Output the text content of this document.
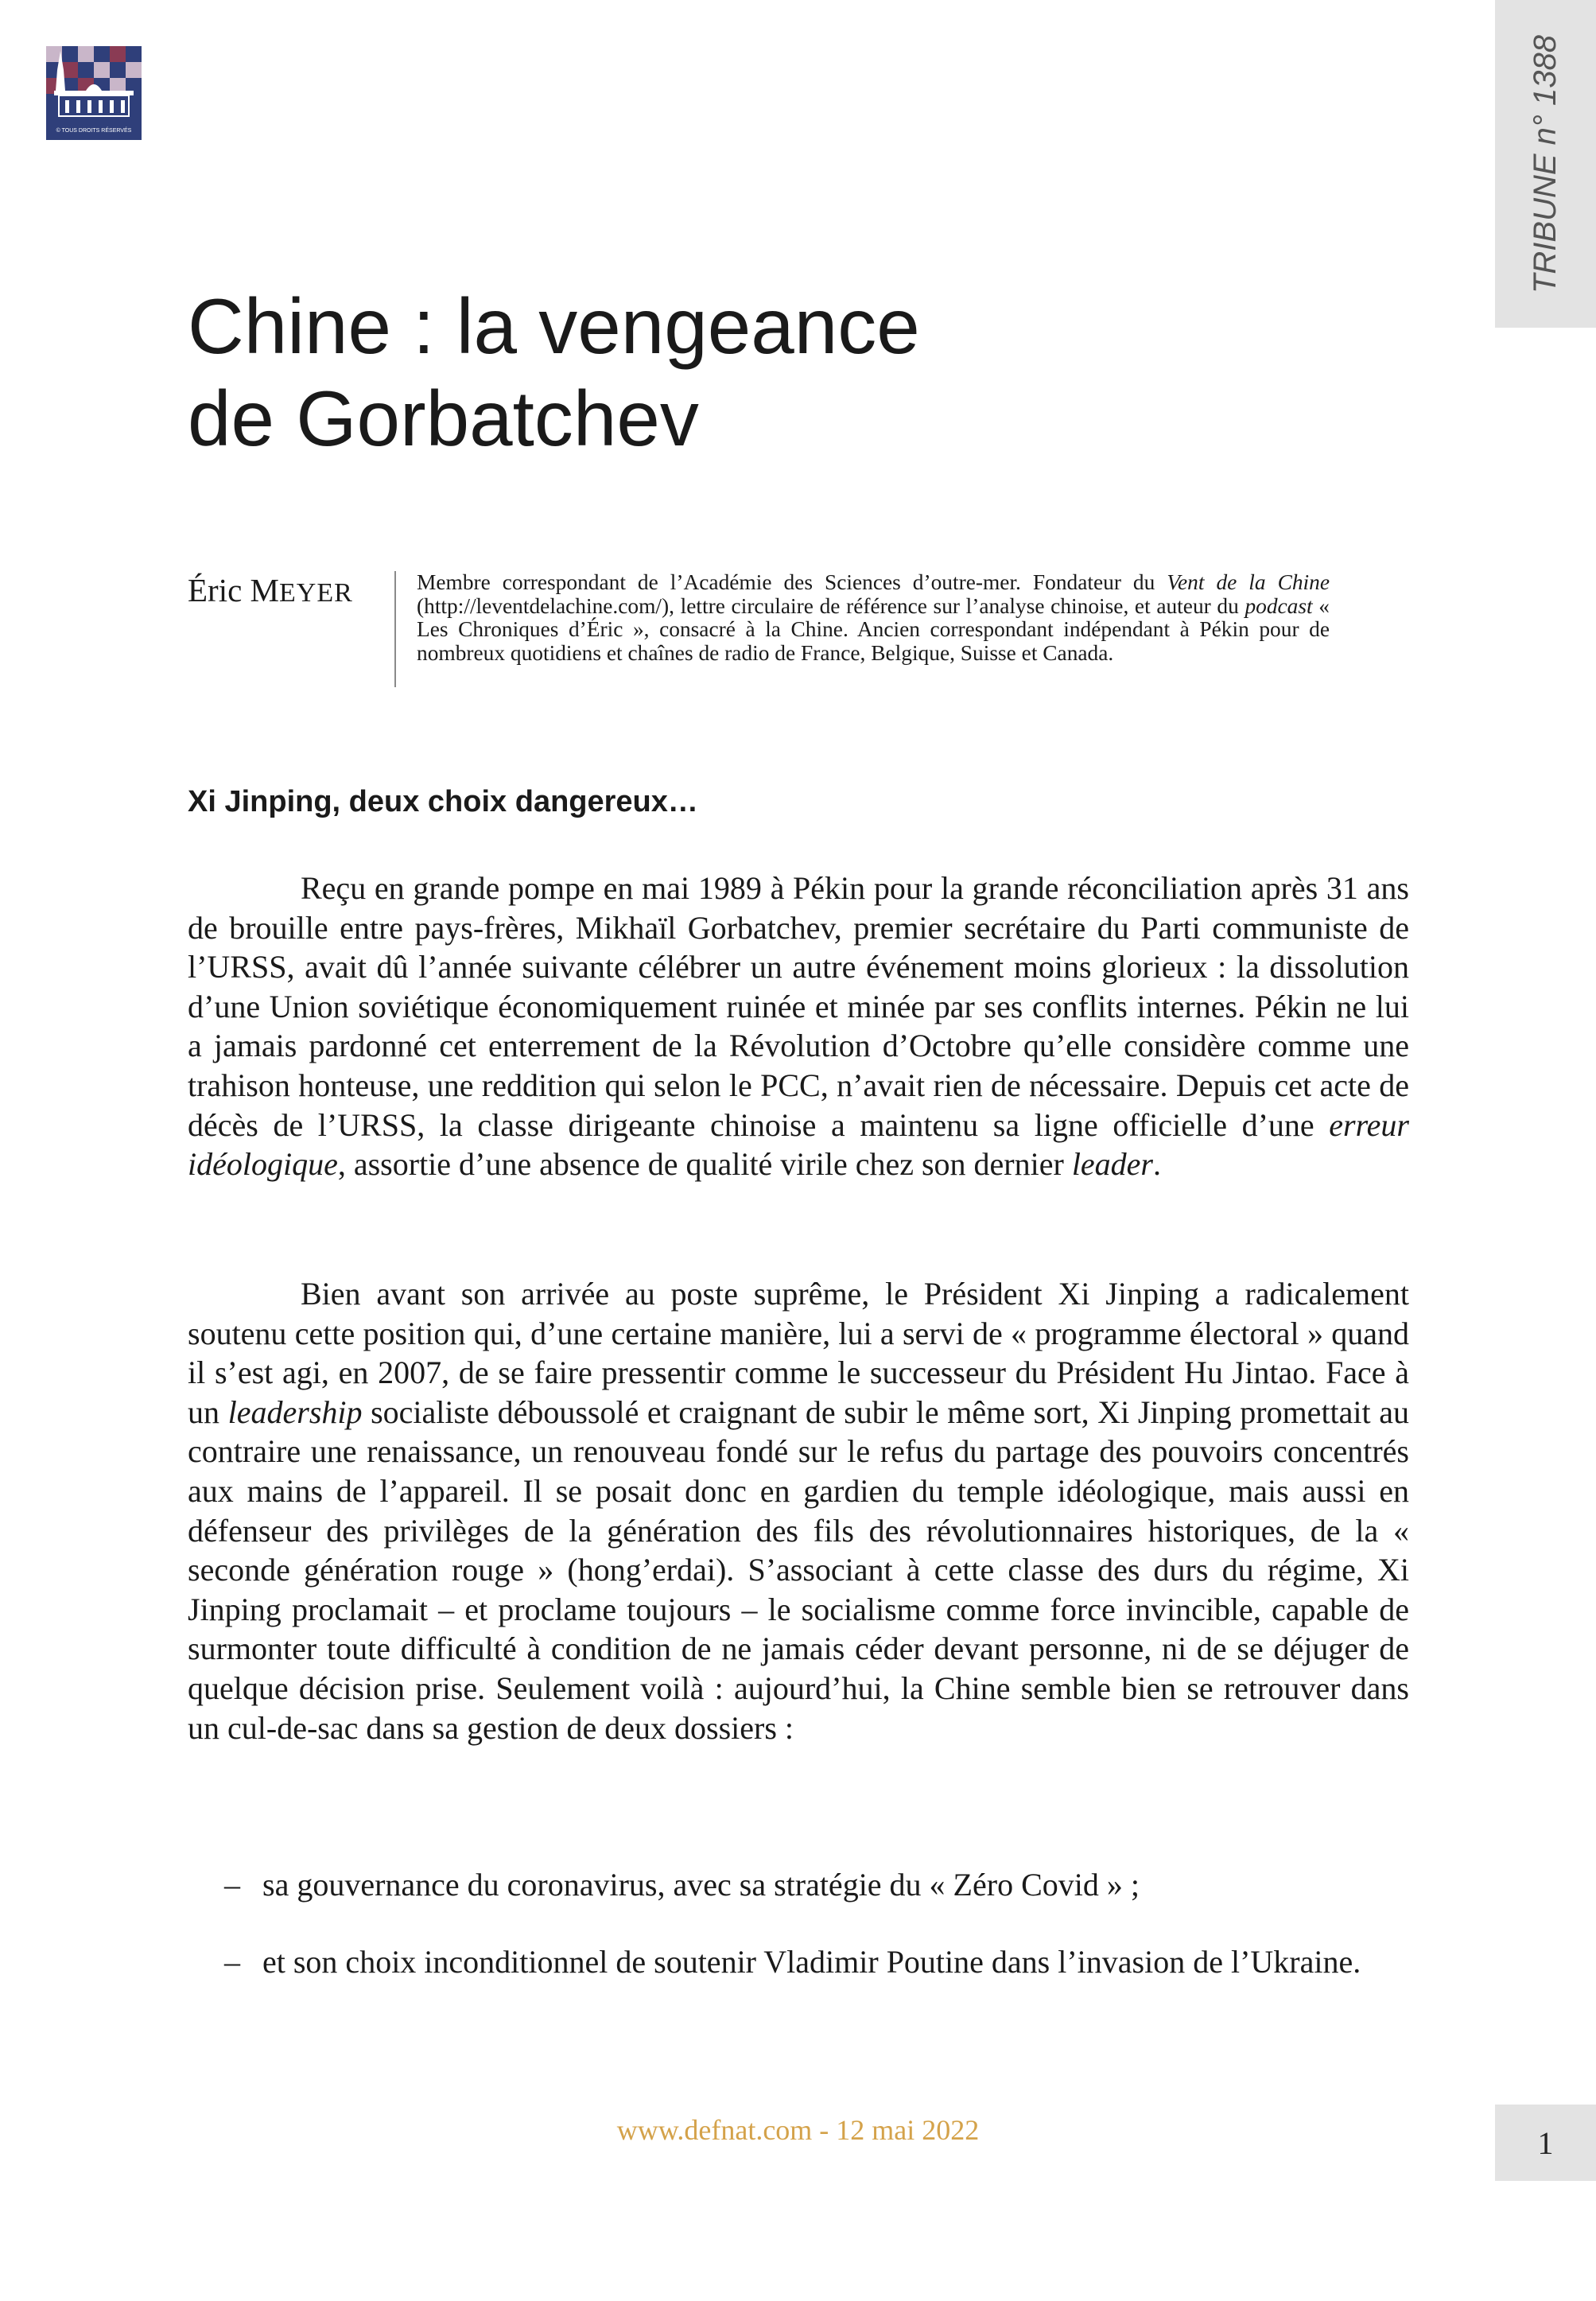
© TOUS DROITS RÉSERVÉS	TRIBUNE n° 1388
Chine : la vengeance
de Gorbatchev
Éric MEYER	Membre correspondant de l’Académie des Sciences d’outre-mer. Fondateur du Vent de la Chine (http://leventdelachine.com/), lettre circulaire de référence sur l’analyse chinoise, et auteur du podcast « Les Chroniques d’Éric », consacré à la Chine. Ancien correspondant indépendant à Pékin pour de nombreux quotidiens et chaînes de radio de France, Belgique, Suisse et Canada.
Xi Jinping, deux choix dangereux…

Reçu en grande pompe en mai 1989 à Pékin pour la grande réconciliation après 31 ans de brouille entre pays-frères, Mikhaïl Gorbatchev, premier secrétaire du Parti communiste de l’URSS, avait dû l’année suivante célébrer un autre événement moins glorieux : la dissolution d’une Union soviétique économiquement ruinée et minée par ses conflits internes. Pékin ne lui a jamais pardonné cet enterrement de la Révolution d’Octobre qu’elle considère comme une trahison honteuse, une reddition qui selon le PCC, n’avait rien de nécessaire. Depuis cet acte de décès de l’URSS, la classe dirigeante chinoise a maintenu sa ligne officielle d’une erreur idéologique, assortie d’une absence de qualité virile chez son dernier leader.

Bien avant son arrivée au poste suprême, le Président Xi Jinping a radicalement soutenu cette position qui, d’une certaine manière, lui a servi de « programme électoral » quand il s’est agi, en 2007, de se faire pressentir comme le successeur du Président Hu Jintao. Face à un leadership socialiste déboussolé et craignant de subir le même sort, Xi Jinping promettait au contraire une renaissance, un renouveau fondé sur le refus du partage des pouvoirs concentrés aux mains de l’appareil. Il se posait donc en gardien du temple idéologique, mais aussi en défenseur des privilèges de la génération des fils des révolutionnaires historiques, de la « seconde génération rouge » (hong’erdai). S’associant à cette classe des durs du régime, Xi Jinping proclamait – et proclame toujours – le socialisme comme force invincible, capable de surmonter toute difficulté à condition de ne jamais céder devant personne, ni de se déjuger de quelque décision prise. Seulement voilà : aujourd’hui, la Chine semble bien se retrouver dans un cul-de-sac dans sa gestion de deux dossiers :

– sa gouvernance du coronavirus, avec sa stratégie du « Zéro Covid » ;
– et son choix inconditionnel de soutenir Vladimir Poutine dans l’invasion de l’Ukraine.
www.defnat.com - 12 mai 2022	1
